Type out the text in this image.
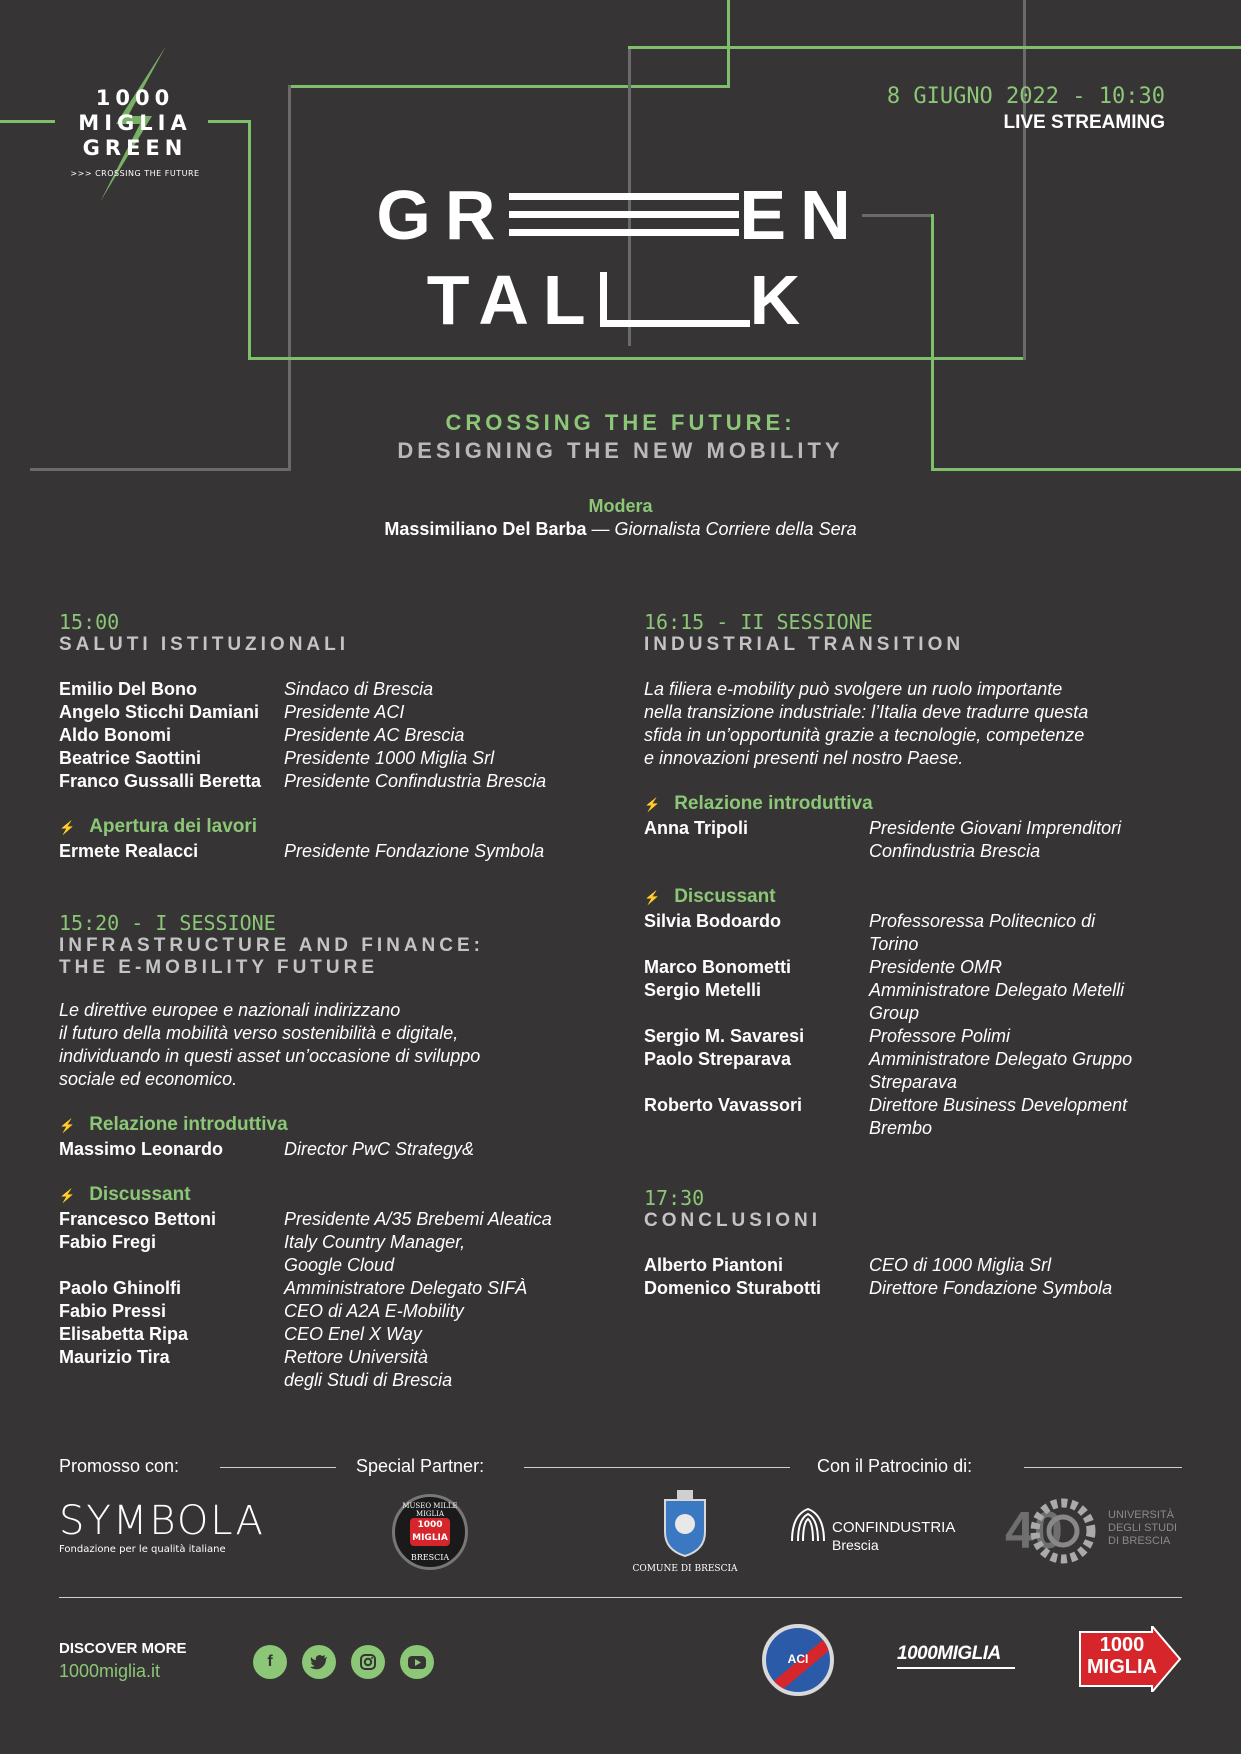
1000
MIGLIA
GREEN
>>> CROSSING THE FUTURE
8 GIUGNO 2022 - 10:30
LIVE STREAMING
GR	EN
TAL K
CROSSING THE FUTURE:
DESIGNING THE NEW MOBILITY
Modera
Massimiliano Del Barba — Giornalista Corriere della Sera
15:00
SALUTI ISTITUZIONALI
Emilio Del Bono	Sindaco di Brescia
Angelo Sticchi Damiani	Presidente ACI
Aldo Bonomi	Presidente AC Brescia
Beatrice Saottini	Presidente 1000 Miglia Srl
Franco Gussalli Beretta	Presidente Confindustria Brescia
⚡ Apertura dei lavori
Ermete Realacci	Presidente Fondazione Symbola
15:20 - I SESSIONE
INFRASTRUCTURE AND FINANCE:
THE E-MOBILITY FUTURE
Le direttive europee e nazionali indirizzano
il futuro della mobilità verso sostenibilità e digitale,
individuando in questi asset un’occasione di sviluppo
sociale ed economico.
⚡ Relazione introduttiva
Massimo Leonardo	Director PwC Strategy&
⚡ Discussant
Francesco Bettoni	Presidente A/35 Brebemi Aleatica
Fabio Fregi	Italy Country Manager,
Google Cloud
Paolo Ghinolfi	Amministratore Delegato SIFÀ
Fabio Pressi	CEO di A2A E-Mobility
Elisabetta Ripa	CEO Enel X Way
Maurizio Tira	Rettore Università
degli Studi di Brescia
16:15 - II SESSIONE
INDUSTRIAL TRANSITION
La filiera e-mobility può svolgere un ruolo importante
nella transizione industriale: l’Italia deve tradurre questa
sfida in un’opportunità grazie a tecnologie, competenze
e innovazioni presenti nel nostro Paese.
⚡ Relazione introduttiva
Anna Tripoli	Presidente Giovani Imprenditori
Confindustria Brescia
⚡ Discussant
Silvia Bodoardo	Professoressa Politecnico di
Torino
Marco Bonometti	Presidente OMR
Sergio Metelli	Amministratore Delegato Metelli
Group
Sergio M. Savaresi	Professore Polimi
Paolo Streparava	Amministratore Delegato Gruppo
Streparava
Roberto Vavassori	Direttore Business Development
Brembo
17:30
CONCLUSIONI
Alberto Piantoni	CEO di 1000 Miglia Srl
Domenico Sturabotti	Direttore Fondazione Symbola
Promosso con:	Special Partner:	Con il Patrocinio di:
SYMBOLA
Fondazione per le qualità italiane
MUSEO MILLE MIGLIA
1000
MIGLIA
BRESCIA
COMUNE DI BRESCIA
CONFINDUSTRIA
Brescia 40	UNIVERSITÀ
DEGLI STUDI
DI BRESCIA
DISCOVER MORE
1000miglia.it	f	ACI	1000MIGLIA	1000
MIGLIA
